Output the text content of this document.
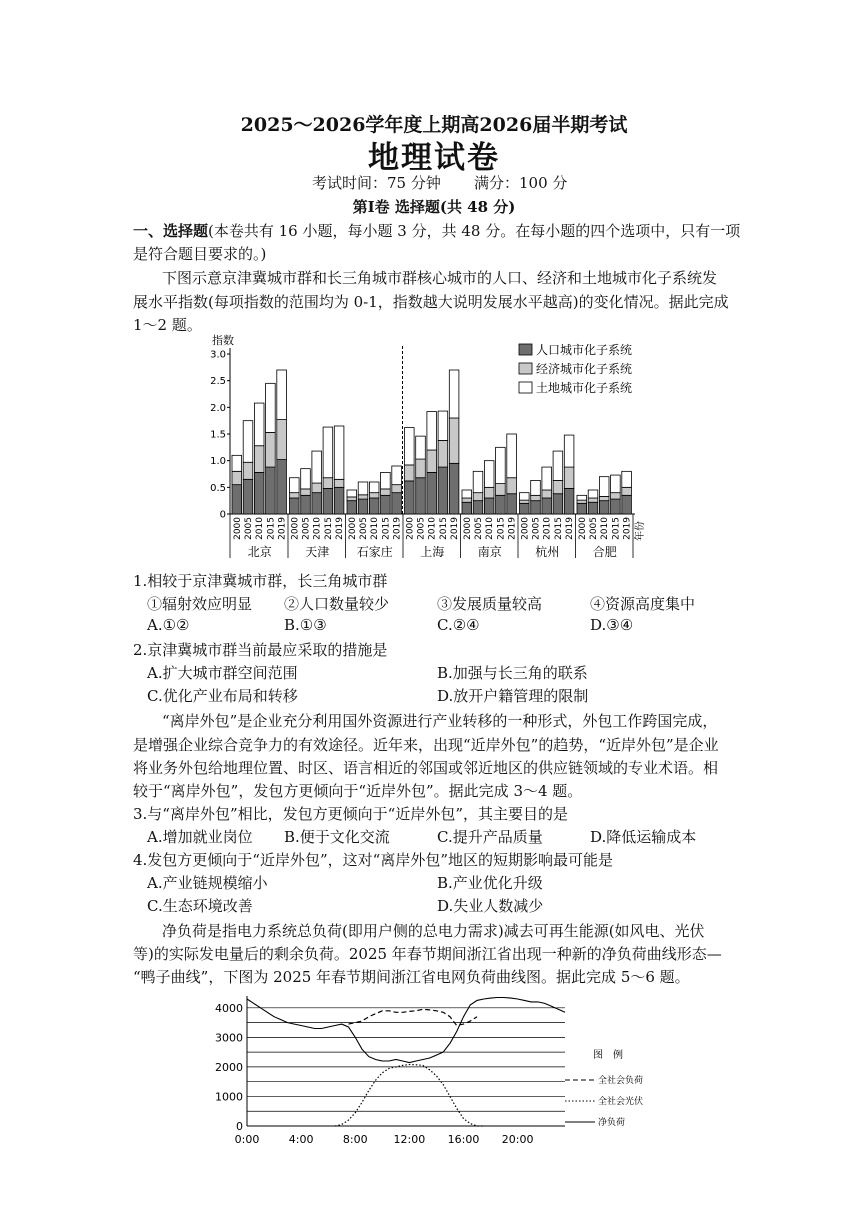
2025～2026学年度上期高2026届半期考试
地理试卷
考试时间：75 分钟 满分：100 分
第Ⅰ卷 选择题(共 48 分)
一、选择题(本卷共有 16 小题，每小题 3 分，共 48 分。在每小题的四个选项中，只有一项
是符合题目要求的。)
下图示意京津冀城市群和长三角城市群核心城市的人口、经济和土地城市化子系统发
展水平指数(每项指数的范围均为 0-1，指数越大说明发展水平越高)的变化情况。据此完成
1～2 题。
指数
0
0.5
1.0
1.5
2.0
2.5
3.0
2000 2005 2010 2015 2019
北京
2000 2005 2010 2015 2019
天津
2000 2005 2010 2015 2019
石家庄
2000 2005 2010 2015 2019
上海
2000 2005 2010 2015 2019
南京
2000 2005 2010 2015 2019
杭州
2000 2005 2010 2015 2019
合肥
年份
人口城市化子系统
经济城市化子系统
土地城市化子系统
1.相较于京津冀城市群，长三角城市群
①辐射效应明显 ②人口数量较少	③发展质量较高	④资源高度集中
A.①②	B.①③	C.②④	D.③④
2.京津冀城市群当前最应采取的措施是
A.扩大城市群空间范围	B.加强与长三角的联系
C.优化产业布局和转移	D.放开户籍管理的限制
“离岸外包”是企业充分利用国外资源进行产业转移的一种形式，外包工作跨国完成，
是增强企业综合竞争力的有效途径。近年来，出现“近岸外包”的趋势，“近岸外包”是企业
将业务外包给地理位置、时区、语言相近的邻国或邻近地区的供应链领域的专业术语。相
较于“离岸外包”，发包方更倾向于“近岸外包”。据此完成 3～4 题。
3.与“离岸外包”相比，发包方更倾向于“近岸外包”，其主要目的是
A.增加就业岗位 B.便于文化交流	C.提升产品质量	D.降低运输成本
4.发包方更倾向于“近岸外包”，这对“离岸外包”地区的短期影响最可能是
A.产业链规模缩小	B.产业优化升级
C.生态环境改善	D.失业人数减少
净负荷是指电力系统总负荷(即用户侧的总电力需求)减去可再生能源(如风电、光伏
等)的实际发电量后的剩余负荷。2025 年春节期间浙江省出现一种新的净负荷曲线形态—
“鸭子曲线”，下图为 2025 年春节期间浙江省电网负荷曲线图。据此完成 5～6 题。
0
1000
2000
3000
4000
0:00	4:00	8:00 12:00 16:00 20:00
图　例
全社会负荷
全社会光伏
净负荷
